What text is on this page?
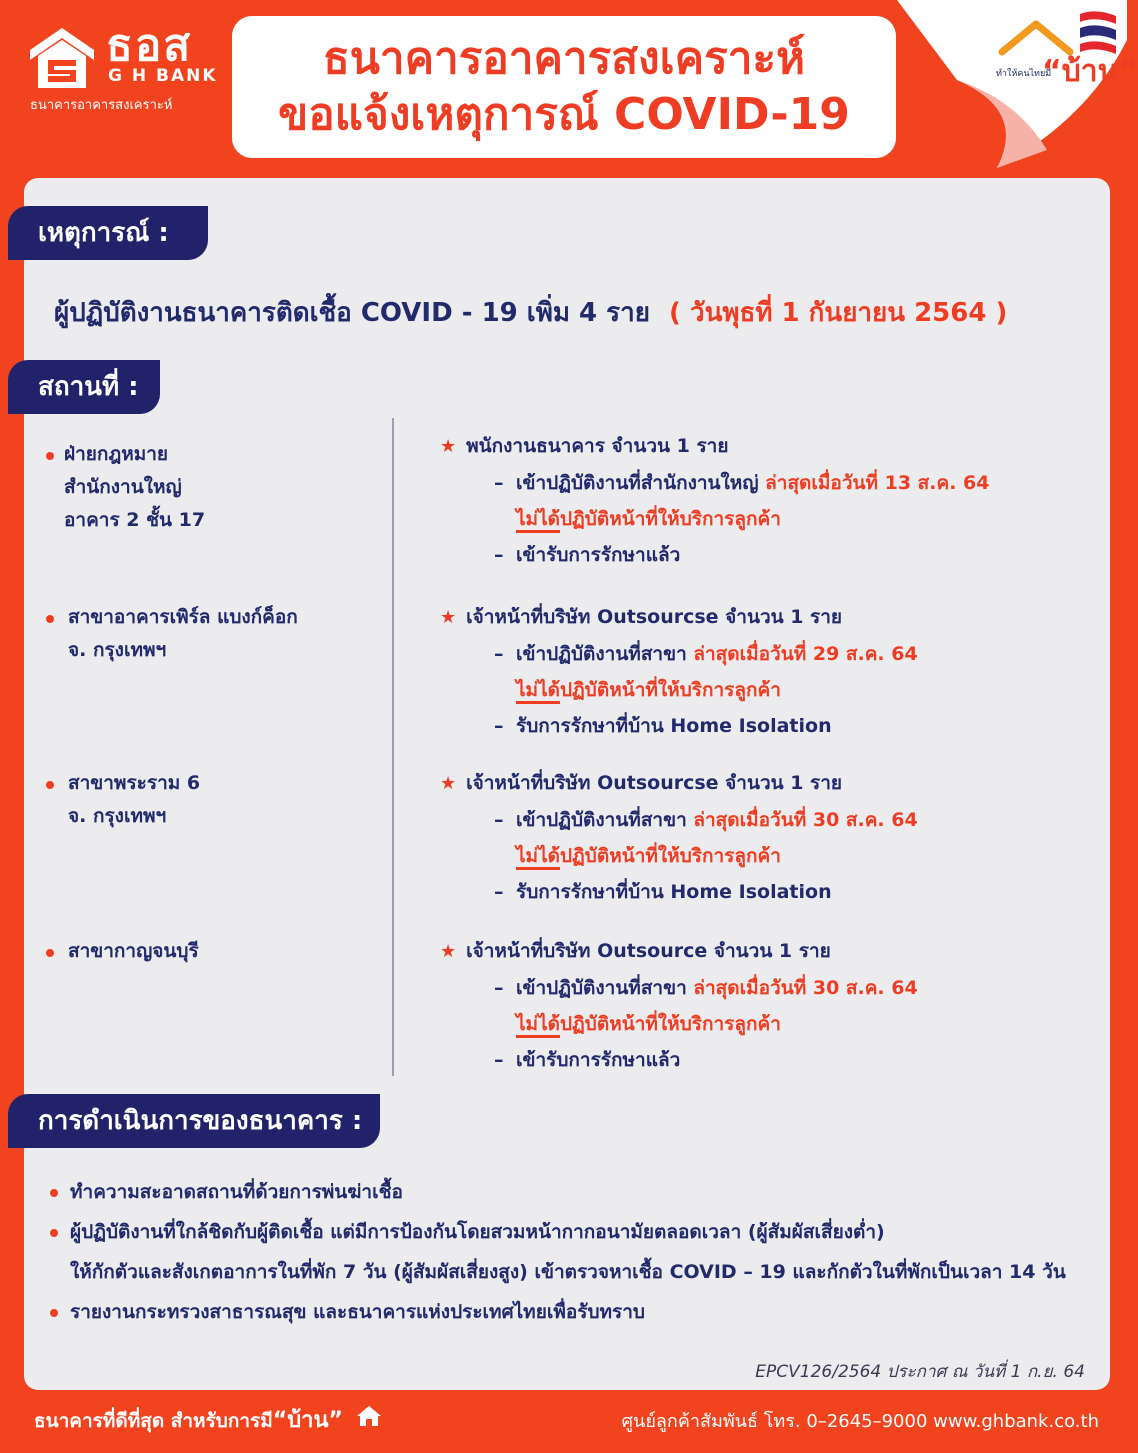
ธอส
G H BANK
ธนาคารอาคารสงเคราะห์
ธนาคารอาคารสงเคราะห์
ขอแจ้งเหตุการณ์ COVID-19
ทำให้คนไทยมี
“บ้าน”
เหตุการณ์ :
ผู้ปฏิบัติงานธนาคารติดเชื้อ COVID - 19 เพิ่ม 4 ราย ( วันพุธที่ 1 กันยายน 2564 )
สถานที่ :
ฝ่ายกฎหมาย
สำนักงานใหญ่
อาคาร 2 ชั้น 17
สาขาอาคารเพิร์ล แบงก์ค็อก
จ. กรุงเทพฯ
สาขาพระราม 6
จ. กรุงเทพฯ
สาขากาญจนบุรี
★ พนักงานธนาคาร จำนวน 1 ราย
– เข้าปฏิบัติงานที่สำนักงานใหญ่ ล่าสุดเมื่อวันที่ 13 ส.ค. 64
ไม่ได้ปฏิบัติหน้าที่ให้บริการลูกค้า
– เข้ารับการรักษาแล้ว
★ เจ้าหน้าที่บริษัท Outsourcse จำนวน 1 ราย
– เข้าปฏิบัติงานที่สาขา ล่าสุดเมื่อวันที่ 29 ส.ค. 64
ไม่ได้ปฏิบัติหน้าที่ให้บริการลูกค้า
– รับการรักษาที่บ้าน Home Isolation
★ เจ้าหน้าที่บริษัท Outsourcse จำนวน 1 ราย
– เข้าปฏิบัติงานที่สาขา ล่าสุดเมื่อวันที่ 30 ส.ค. 64
ไม่ได้ปฏิบัติหน้าที่ให้บริการลูกค้า
– รับการรักษาที่บ้าน Home Isolation
★ เจ้าหน้าที่บริษัท Outsource จำนวน 1 ราย
– เข้าปฏิบัติงานที่สาขา ล่าสุดเมื่อวันที่ 30 ส.ค. 64
ไม่ได้ปฏิบัติหน้าที่ให้บริการลูกค้า
– เข้ารับการรักษาแล้ว
การดำเนินการของธนาคาร :
ทำความสะอาดสถานที่ด้วยการพ่นฆ่าเชื้อ
ผู้ปฏิบัติงานที่ใกล้ชิดกับผู้ติดเชื้อ แต่มีการป้องกันโดยสวมหน้ากากอนามัยตลอดเวลา (ผู้สัมผัสเสี่ยงต่ำ)
ให้กักตัวและสังเกตอาการในที่พัก 7 วัน (ผู้สัมผัสเสี่ยงสูง) เข้าตรวจหาเชื้อ COVID – 19 และกักตัวในที่พักเป็นเวลา 14 วัน
รายงานกระทรวงสาธารณสุข และธนาคารแห่งประเทศไทยเพื่อรับทราบ
EPCV126/2564 ประกาศ ณ วันที่ 1 ก.ย. 64
ธนาคารที่ดีที่สุด สำหรับการมี“บ้าน”	ศูนย์ลูกค้าสัมพันธ์ โทร. 0–2645–9000 www.ghbank.co.th
